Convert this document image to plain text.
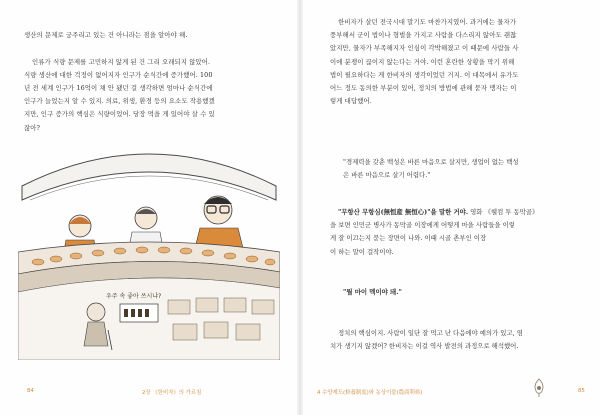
생산의 문제로 궁주리고 있는 건 아니라는 점을 알아야 해.

인류가 식량 문제를 고민하지 않게 된 건 그리 오래되지 않았어.
식량 생산에 대한 걱정이 없어지자 인구가 순식간에 증가했어. 100
년 전 세계 인구가 16억이 채 안 됐던 걸 생각하면 엄마나 순식간에
인구가 늘었는지 알 수 있지. 의료, 위생, 환경 등의 요소도 작용했겠
지만, 인구 증가의 핵심은 식량이었어. 당장 먹을 게 있어야 살 수 있
잖아?

우주 속 좋아 쓰시냐?
84	2장 《한비자》의 가르침
한비자가 살던 전국시대 말기도 마찬가지였어. 과거에는 물자가
풍부해서 군이 법이나 형벌을 가지고 사람을 다스리지 않아도 괜찮
았지만, 물자가 부족해지자 인심이 각박해졌고 이 때문에 사람들 사
이에 분쟁이 끊이지 않는다는 거야. 이런 혼란한 상황을 막기 위해
법이 필요하다는 게 한비자의 생각이었던 거지. 이 대목에서 유가도
어느 정도 동의한 부분이 있어, 정치의 방법에 관해 묻자 맹자는 이
렇게 대답했어.
"경제력을 갖춘 백성은 바른 마음으로 살지만, 생업이 없는 백성
은 바른 마음으로 살기 어렵다."
"무항산 무항심(無恒産 無恒心)"을 말한 거야. 영화 《웰컴 투 동막골》
을 보면 인민군 병사가 동막골 이장에게 어떻게 마을 사람들을 이렇
게 잘 이끄는지 묻는 장면이 나와. 이때 시골 촌부인 이장
이 하는 말이 걸작이야.
"뭘 마이 멕이야 돼."
정치의 핵심이지. 사람이 일단 잘 먹고 난 다음에야 예의가 있고, 염
치가 생기지 않겠어? 한비자는 이걸 역사 발전의 과정으로 해석했어.
4 수양제도(修養制度)와 농상이불(農商利弗)	85
